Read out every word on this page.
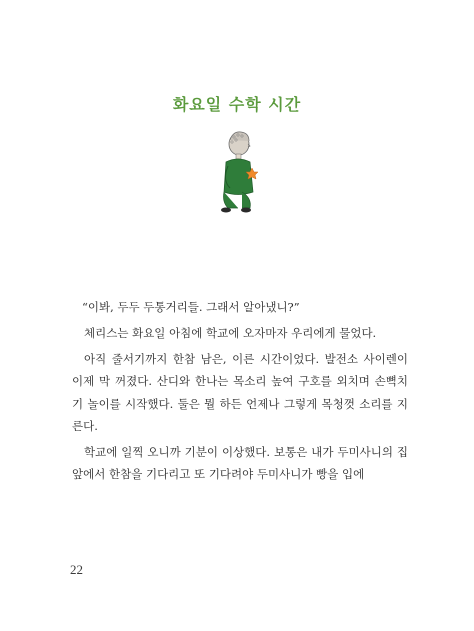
화요일 수학 시간

“이봐, 두두 두통거리들. 그래서 알아냈니?”

체리스는 화요일 아침에 학교에 오자마자 우리에게 물었다.

아직 줄서기까지 한참 남은, 이른 시간이었다. 발전소 사이렌이 이제 막 꺼졌다. 산디와 한나는 목소리 높여 구호를 외치며 손뼉치기 놀이를 시작했다. 둘은 뭘 하든 언제나 그렇게 목청껏 소리를 지른다.

학교에 일찍 오니까 기분이 이상했다. 보통은 내가 두미사니의 집 앞에서 한참을 기다리고 또 기다려야 두미사니가 빵을 입에

22
